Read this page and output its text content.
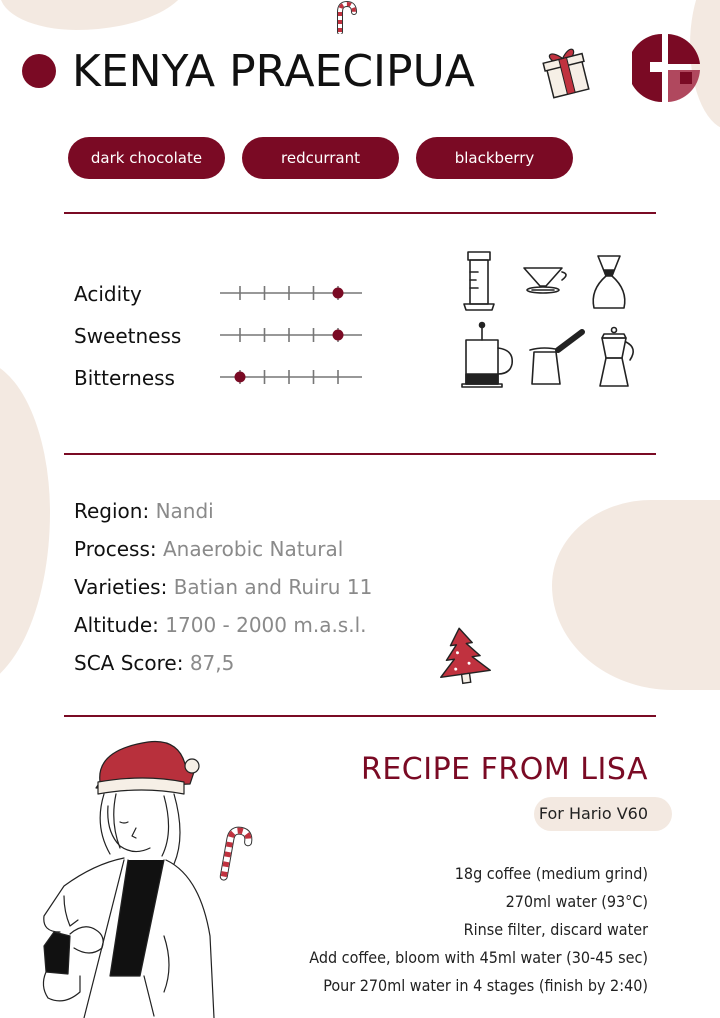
KENYA PRAECIPUA
dark chocolate	redcurrant	blackberry
Acidity
Sweetness
Bitterness
Region: Nandi
Process: Anaerobic Natural
Varieties: Batian and Ruiru 11
Altitude: 1700 - 2000 m.a.s.l.
SCA Score: 87,5
RECIPE FROM LISA
For Hario V60
18g coffee (medium grind)
270ml water (93°C)
Rinse filter, discard water
Add coffee, bloom with 45ml water (30-45 sec)
Pour 270ml water in 4 stages (finish by 2:40)
